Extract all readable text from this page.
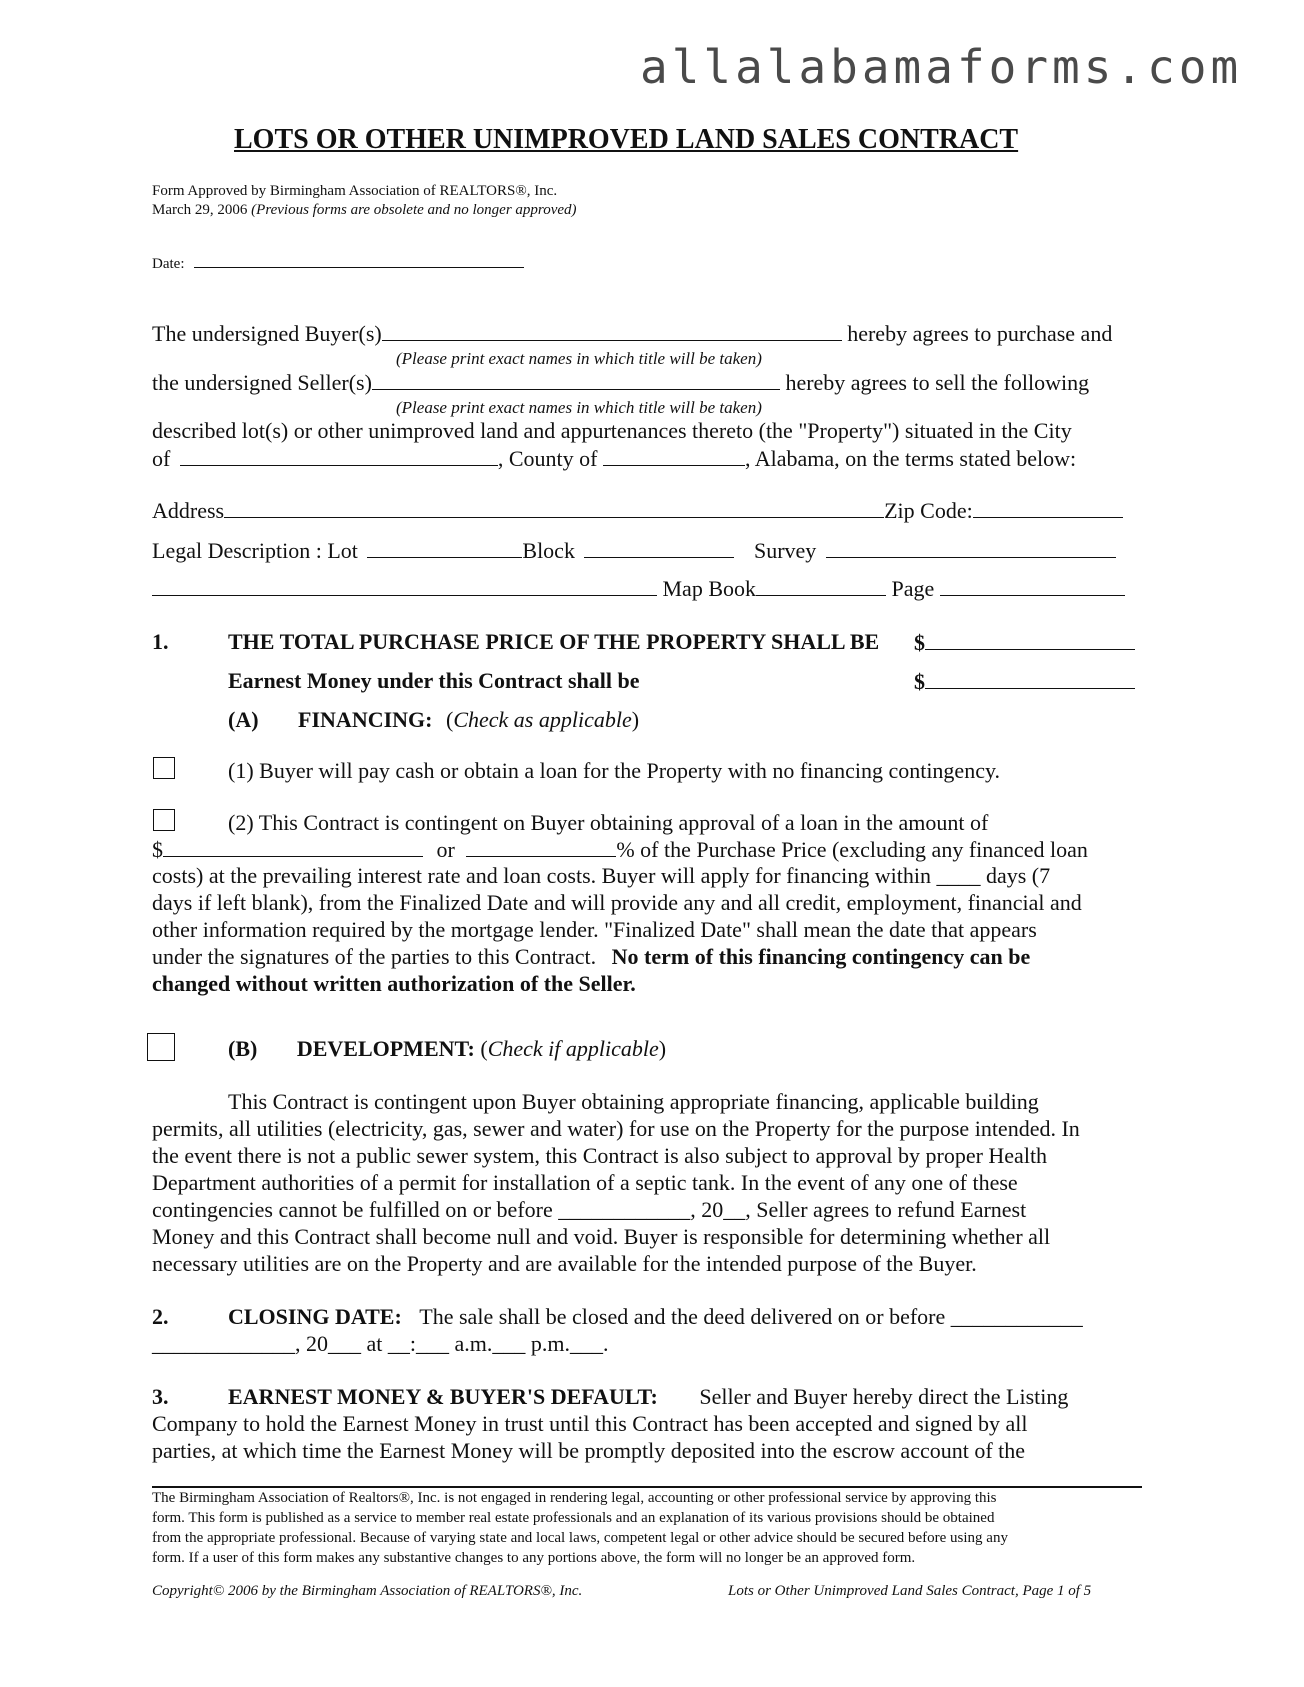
allalabamaforms.com
LOTS OR OTHER UNIMPROVED LAND SALES CONTRACT
Form Approved by Birmingham Association of REALTORS®, Inc.
March 29, 2006 (Previous forms are obsolete and no longer approved)
Date:
The undersigned Buyer(s)	hereby agrees to purchase and
(Please print exact names in which title will be taken)
the undersigned Seller(s)	hereby agrees to sell the following
(Please print exact names in which title will be taken)
described lot(s) or other unimproved land and appurtenances thereto (the "Property") situated in the City
of	, County of	, Alabama, on the terms stated below:
Address	Zip Code:
Legal Description : Lot	Block	Survey
Map Book	Page
1.	THE TOTAL PURCHASE PRICE OF THE PROPERTY SHALL BE $
Earnest Money under this Contract shall be	$
(A) FINANCING: (Check as applicable)
(1) Buyer will pay cash or obtain a loan for the Property with no financing contingency.
(2) This Contract is contingent on Buyer obtaining approval of a loan in the amount of
$	or	% of the Purchase Price (excluding any financed loan
costs) at the prevailing interest rate and loan costs. Buyer will apply for financing within ____ days (7
days if left blank), from the Finalized Date and will provide any and all credit, employment, financial and
other information required by the mortgage lender. "Finalized Date" shall mean the date that appears
under the signatures of the parties to this Contract. No term of this financing contingency can be
changed without written authorization of the Seller.
(B) DEVELOPMENT: (Check if applicable)
This Contract is contingent upon Buyer obtaining appropriate financing, applicable building
permits, all utilities (electricity, gas, sewer and water) for use on the Property for the purpose intended. In
the event there is not a public sewer system, this Contract is also subject to approval by proper Health
Department authorities of a permit for installation of a septic tank. In the event of any one of these
contingencies cannot be fulfilled on or before ____________, 20__, Seller agrees to refund Earnest
Money and this Contract shall become null and void. Buyer is responsible for determining whether all
necessary utilities are on the Property and are available for the intended purpose of the Buyer.
2.	CLOSING DATE: The sale shall be closed and the deed delivered on or before ____________
_____________, 20___ at __:___ a.m.___ p.m.___.
3.	EARNEST MONEY & BUYER'S DEFAULT: Seller and Buyer hereby direct the Listing
Company to hold the Earnest Money in trust until this Contract has been accepted and signed by all
parties, at which time the Earnest Money will be promptly deposited into the escrow account of the
The Birmingham Association of Realtors®, Inc. is not engaged in rendering legal, accounting or other professional service by approving this
form. This form is published as a service to member real estate professionals and an explanation of its various provisions should be obtained
from the appropriate professional. Because of varying state and local laws, competent legal or other advice should be secured before using any
form. If a user of this form makes any substantive changes to any portions above, the form will no longer be an approved form.
Copyright© 2006 by the Birmingham Association of REALTORS®, Inc.	Lots or Other Unimproved Land Sales Contract, Page 1 of 5
